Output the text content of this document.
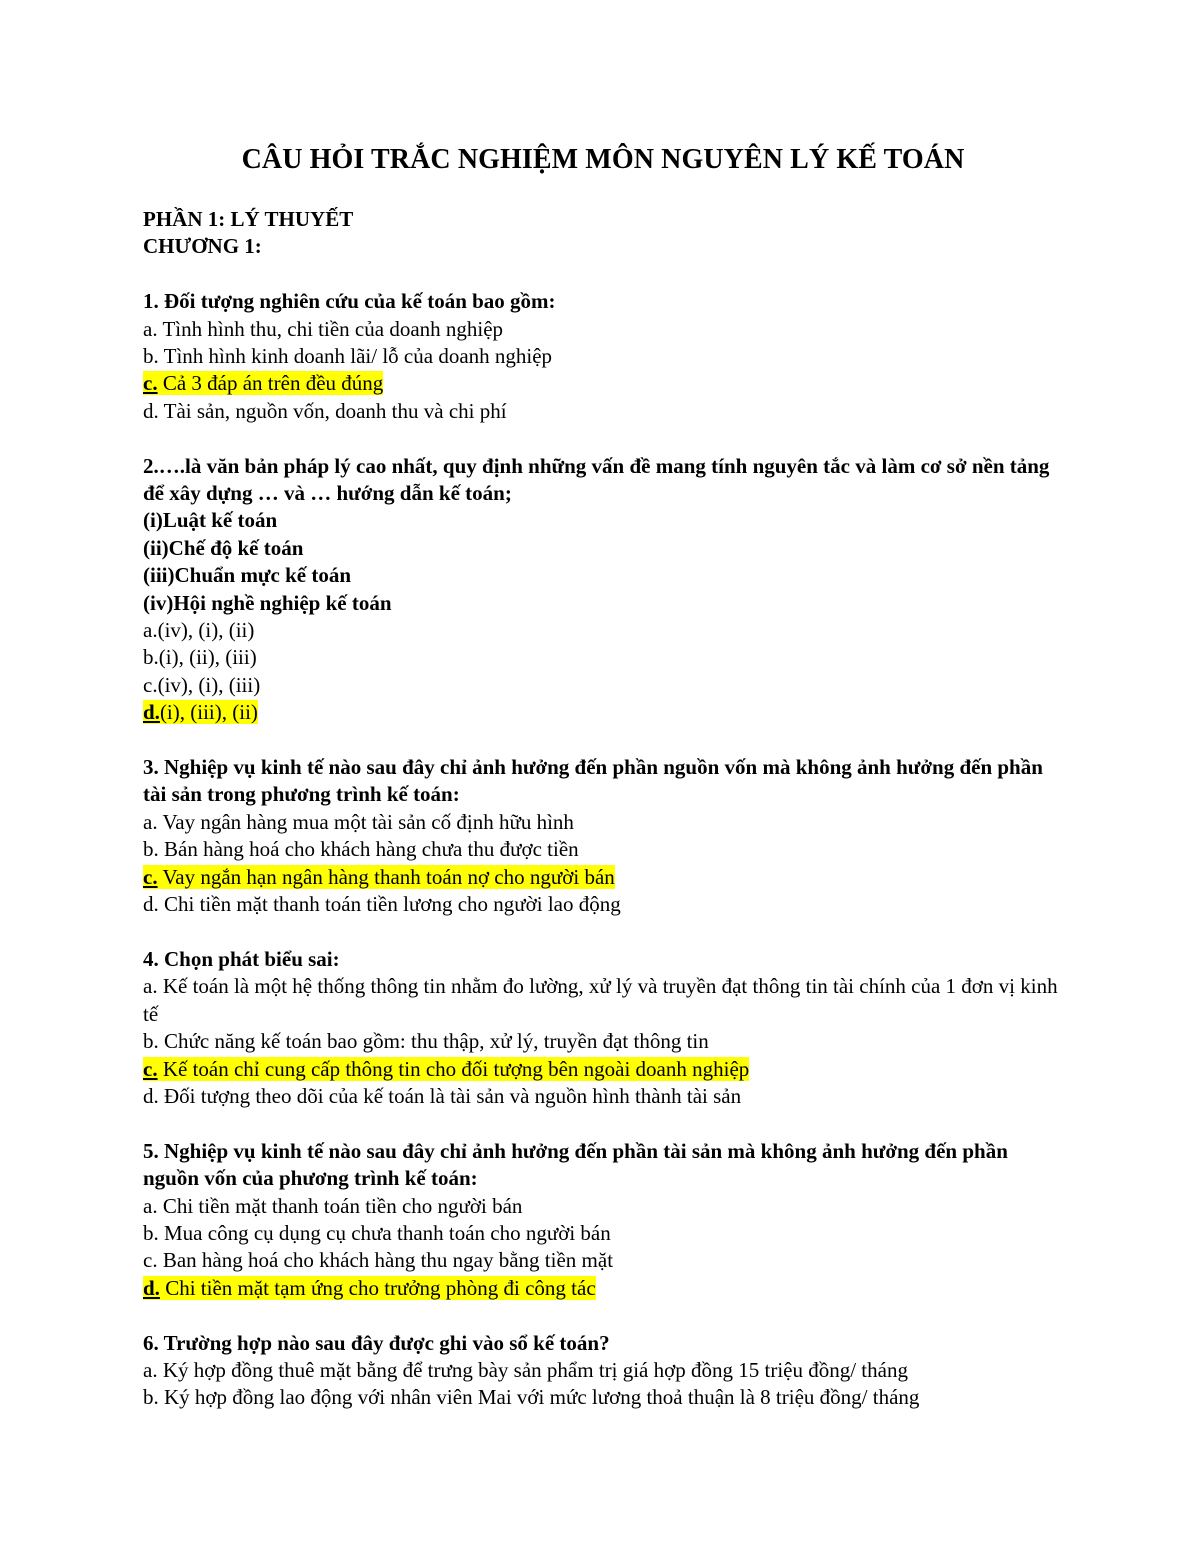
CÂU HỎI TRẮC NGHIỆM MÔN NGUYÊN LÝ KẾ TOÁN
PHẦN 1: LÝ THUYẾT
CHƯƠNG 1:
1. Đối tượng nghiên cứu của kế toán bao gồm:
a. Tình hình thu, chi tiền của doanh nghiệp
b. Tình hình kinh doanh lãi/ lỗ của doanh nghiệp
c. Cả 3 đáp án trên đều đúng
d. Tài sản, nguồn vốn, doanh thu và chi phí
2.….là văn bản pháp lý cao nhất, quy định những vấn đề mang tính nguyên tắc và làm cơ sở nền tảng để xây dựng … và … hướng dẫn kế toán;
(i)Luật kế toán
(ii)Chế độ kế toán
(iii)Chuẩn mực kế toán
(iv)Hội nghề nghiệp kế toán
a.(iv), (i), (ii)
b.(i), (ii), (iii)
c.(iv), (i), (iii)
d.(i), (iii), (ii)
3. Nghiệp vụ kinh tế nào sau đây chỉ ảnh hưởng đến phần nguồn vốn mà không ảnh hưởng đến phần tài sản trong phương trình kế toán:
a. Vay ngân hàng mua một tài sản cố định hữu hình
b. Bán hàng hoá cho khách hàng chưa thu được tiền
c. Vay ngắn hạn ngân hàng thanh toán nợ cho người bán
d. Chi tiền mặt thanh toán tiền lương cho người lao động
4. Chọn phát biểu sai:
a. Kế toán là một hệ thống thông tin nhằm đo lường, xử lý và truyền đạt thông tin tài chính của 1 đơn vị kinh tế
b. Chức năng kế toán bao gồm: thu thập, xử lý, truyền đạt thông tin
c. Kế toán chỉ cung cấp thông tin cho đối tượng bên ngoài doanh nghiệp
d. Đối tượng theo dõi của kế toán là tài sản và nguồn hình thành tài sản
5. Nghiệp vụ kinh tế nào sau đây chỉ ảnh hưởng đến phần tài sản mà không ảnh hưởng đến phần nguồn vốn của phương trình kế toán:
a. Chi tiền mặt thanh toán tiền cho người bán
b. Mua công cụ dụng cụ chưa thanh toán cho người bán
c. Ban hàng hoá cho khách hàng thu ngay bằng tiền mặt
d. Chi tiền mặt tạm ứng cho trưởng phòng đi công tác
6. Trường hợp nào sau đây được ghi vào sổ kế toán?
a. Ký hợp đồng thuê mặt bằng để trưng bày sản phẩm trị giá hợp đồng 15 triệu đồng/ tháng
b. Ký hợp đồng lao động với nhân viên Mai với mức lương thoả thuận là 8 triệu đồng/ tháng
